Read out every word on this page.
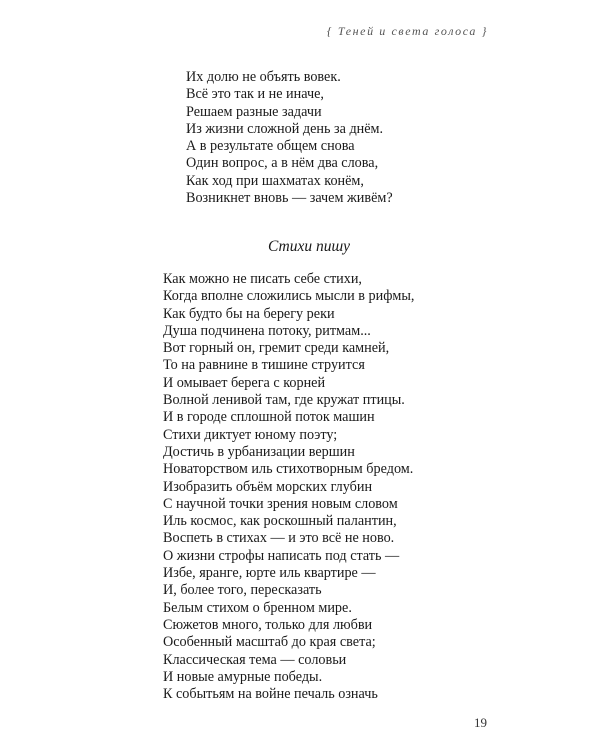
{ Теней и света голоса }
Их долю не объять вовек.
Всё это так и не иначе,
Решаем разные задачи
Из жизни сложной день за днём.
А в результате общем снова
Один вопрос, а в нём два слова,
Как ход при шахматах конём,
Возникнет вновь — зачем живём?
Стихи пишу
Как можно не писать себе стихи,
Когда вполне сложились мысли в рифмы,
Как будто бы на берегу реки
Душа подчинена потоку, ритмам...
Вот горный он, гремит среди камней,
То на равнине в тишине струится
И омывает берега с корней
Волной ленивой там, где кружат птицы.
И в городе сплошной поток машин
Стихи диктует юному поэту;
Достичь в урбанизации вершин
Новаторством иль стихотворным бредом.
Изобразить объём морских глубин
С научной точки зрения новым словом
Иль космос, как роскошный палантин,
Воспеть в стихах — и это всё не ново.
О жизни строфы написать под стать —
Избе, яранге, юрте иль квартире —
И, более того, пересказать
Белым стихом о бренном мире.
Сюжетов много, только для любви
Особенный масштаб до края света;
Классическая тема — соловьи
И новые амурные победы.
К событьям на войне печаль означь
19
